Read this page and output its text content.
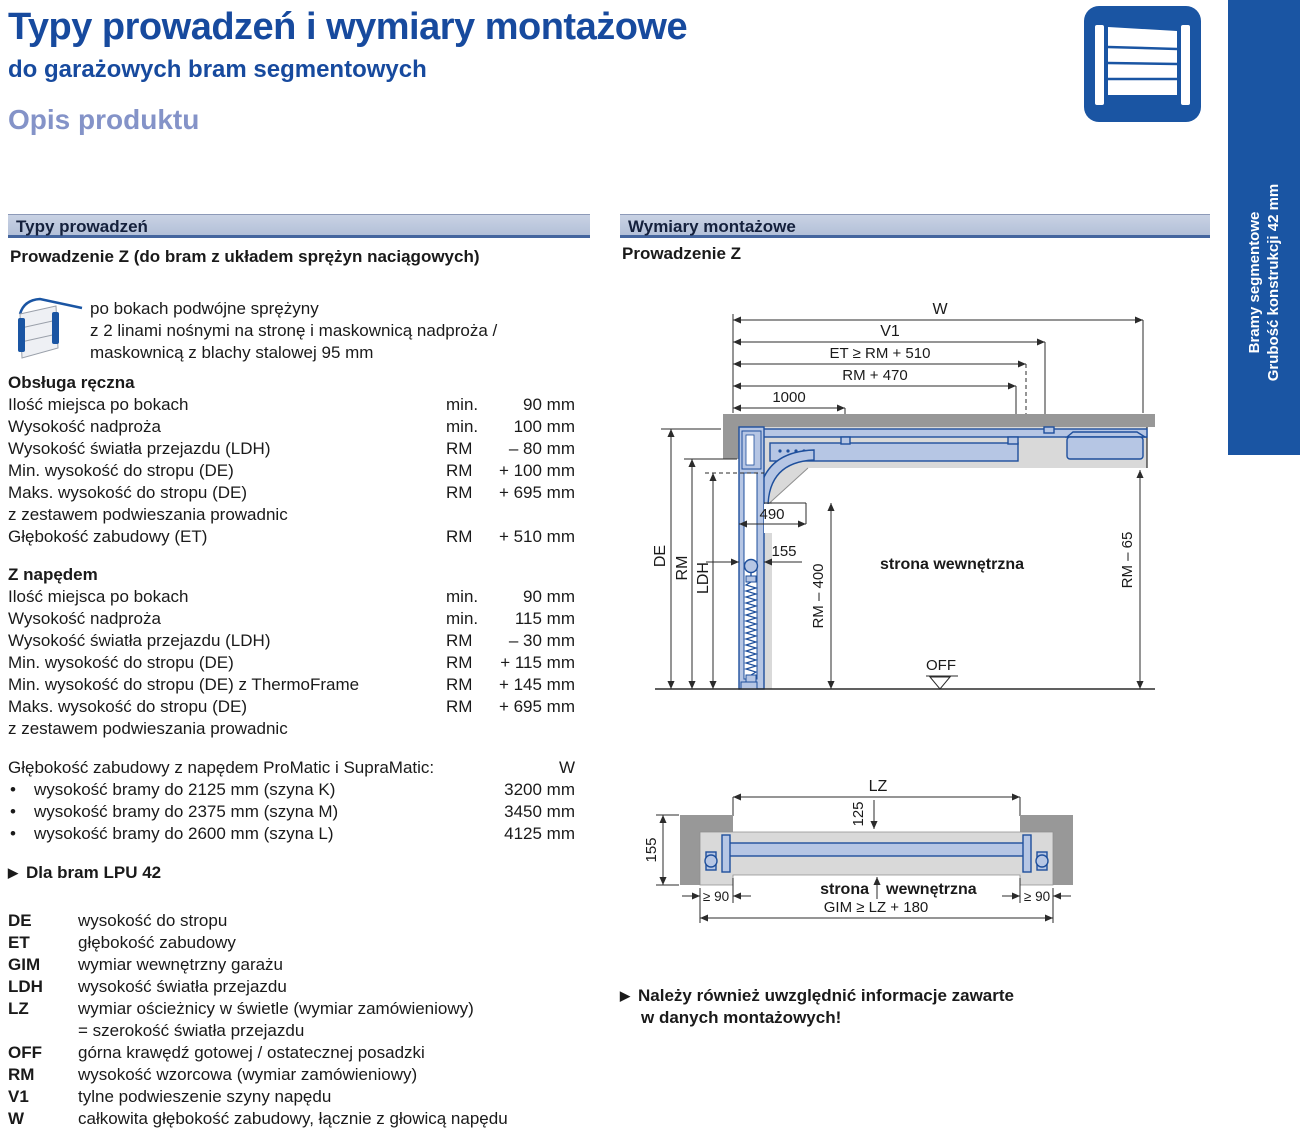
Typy prowadzeń i wymiary montażowe
do garażowych bram segmentowych
Opis produktu
Bramy segmentowe Grubość konstrukcji 42 mm
Typy prowadzeń
Prowadzenie Z (do bram z układem sprężyn naciągowych)
po bokach podwójne sprężyny
z 2 linami nośnymi na stronę i maskownicą nadproża /
maskownicą z blachy stalowej 95 mm
Obsługa ręczna
Ilość miejsca po bokach	min.	90 mm
Wysokość nadproża	min. 100 mm
Wysokość światła przejazdu (LDH)	RM – 80 mm
Min. wysokość do stropu (DE)	RM + 100 mm
Maks. wysokość do stropu (DE)	RM + 695 mm
z zestawem podwieszania prowadnic
Głębokość zabudowy (ET)	RM + 510 mm
Z napędem
Ilość miejsca po bokach	min.	90 mm
Wysokość nadproża	min. 115 mm
Wysokość światła przejazdu (LDH)	RM – 30 mm
Min. wysokość do stropu (DE)	RM + 115 mm
Min. wysokość do stropu (DE) z ThermoFrame	RM + 145 mm
Maks. wysokość do stropu (DE)	RM + 695 mm
z zestawem podwieszania prowadnic
Głębokość zabudowy z napędem ProMatic i SupraMatic:	W
• wysokość bramy do 2125 mm (szyna K)	3200 mm
• wysokość bramy do 2375 mm (szyna M)	3450 mm
• wysokość bramy do 2600 mm (szyna L)	4125 mm
▶ Dla bram LPU 42
DE	wysokość do stropu
ET	głębokość zabudowy
GIM wymiar wewnętrzny garażu
LDH wysokość światła przejazdu
LZ	wymiar ościeżnicy w świetle (wymiar zamówieniowy)
= szerokość światła przejazdu
OFF górna krawędź gotowej / ostatecznej posadzki
RM	wysokość wzorcowa (wymiar zamówieniowy)
V1	tylne podwieszenie szyny napędu
W	całkowita głębokość zabudowy, łącznie z głowicą napędu
Wymiary montażowe
Prowadzenie Z
W
V1
ET ≥ RM + 510
RM + 470
1000
490
155
DE RM LDH	RM – 400	strona wewnętrzna
OFF
RM – 65
LZ
125
155
≥ 90	≥ 90
GIM ≥ LZ + 180
strona wewnętrzna
▶ Należy również uwzględnić informacje zawarte
w danych montażowych!
